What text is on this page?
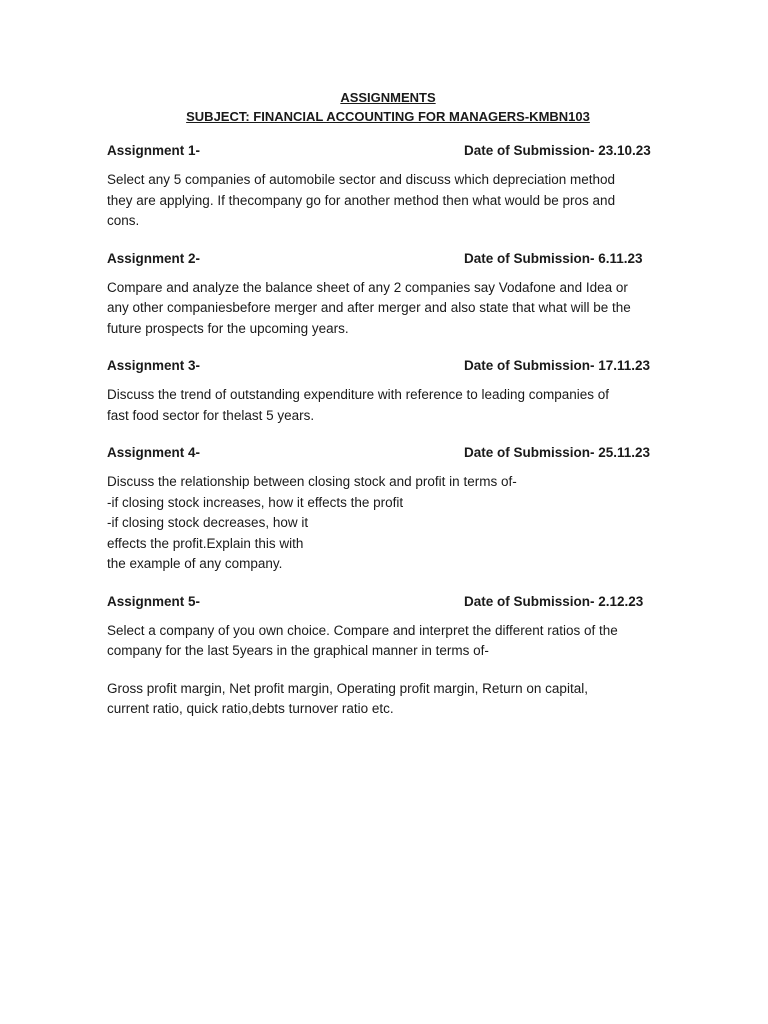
ASSIGNMENTS

SUBJECT: FINANCIAL ACCOUNTING FOR MANAGERS-KMBN103

Assignment 1-	Date of Submission- 23.10.23

Select any 5 companies of automobile sector and discuss which depreciation method
they are applying. If thecompany go for another method then what would be pros and
cons.

Assignment 2-	Date of Submission- 6.11.23

Compare and analyze the balance sheet of any 2 companies say Vodafone and Idea or
any other companiesbefore merger and after merger and also state that what will be the
future prospects for the upcoming years.

Assignment 3-	Date of Submission- 17.11.23

Discuss the trend of outstanding expenditure with reference to leading companies of
fast food sector for thelast 5 years.

Assignment 4-	Date of Submission- 25.11.23

Discuss the relationship between closing stock and profit in terms of-
-if closing stock increases, how it effects the profit
-if closing stock decreases, how it
effects the profit.Explain this with
the example of any company.

Assignment 5-	Date of Submission- 2.12.23

Select a company of you own choice. Compare and interpret the different ratios of the
company for the last 5years in the graphical manner in terms of-

Gross profit margin, Net profit margin, Operating profit margin, Return on capital,
current ratio, quick ratio,debts turnover ratio etc.
